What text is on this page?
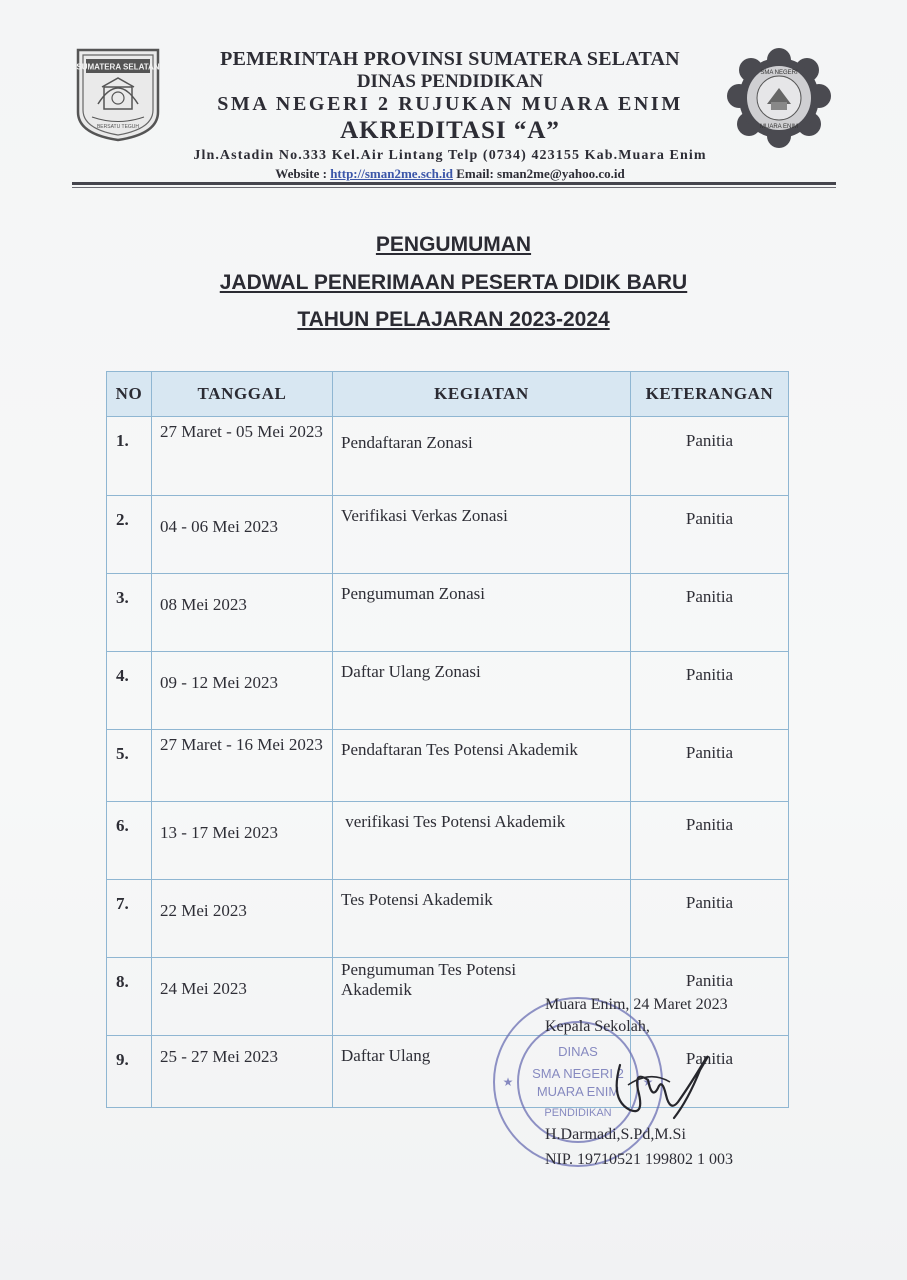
SUMATERA SELATAN
BERSATU TEGUH
SMA NEGERI
MUARA ENIM
PEMERINTAH PROVINSI SUMATERA SELATAN
DINAS PENDIDIKAN
SMA NEGERI 2 RUJUKAN MUARA ENIM
AKREDITASI “A”
Jln.Astadin No.333 Kel.Air Lintang Telp (0734) 423155 Kab.Muara Enim
Website : http://sman2me.sch.id Email: sman2me@yahoo.co.id
PENGUMUMAN
JADWAL PENERIMAAN PESERTA DIDIK BARU
TAHUN PELAJARAN 2023-2024
NO	TANGGAL	KEGIATAN	KETERANGAN
1.	27 Maret - 05 Mei 2023	Pendaftaran Zonasi	Panitia
2.	04 - 06 Mei 2023	Verifikasi Verkas Zonasi	Panitia
3.	08 Mei 2023	Pengumuman Zonasi	Panitia
4.	09 - 12 Mei 2023	Daftar Ulang Zonasi	Panitia
5.	27 Maret - 16 Mei 2023	Pendaftaran Tes Potensi Akademik	Panitia
6.	13 - 17 Mei 2023	verifikasi Tes Potensi Akademik	Panitia
7.	22 Mei 2023	Tes Potensi Akademik	Panitia
8.	24 Mei 2023	Pengumuman Tes Potensi Akademik	Panitia
9.	25 - 27 Mei 2023	Daftar Ulang	Panitia
DINAS
SMA NEGERI 2
MUARA ENIM
PENDIDIKAN
★	★
Muara Enim, 24 Maret 2023
Kepala Sekolah,
H.Darmadi,S.Pd,M.Si
NIP. 19710521 199802 1 003
